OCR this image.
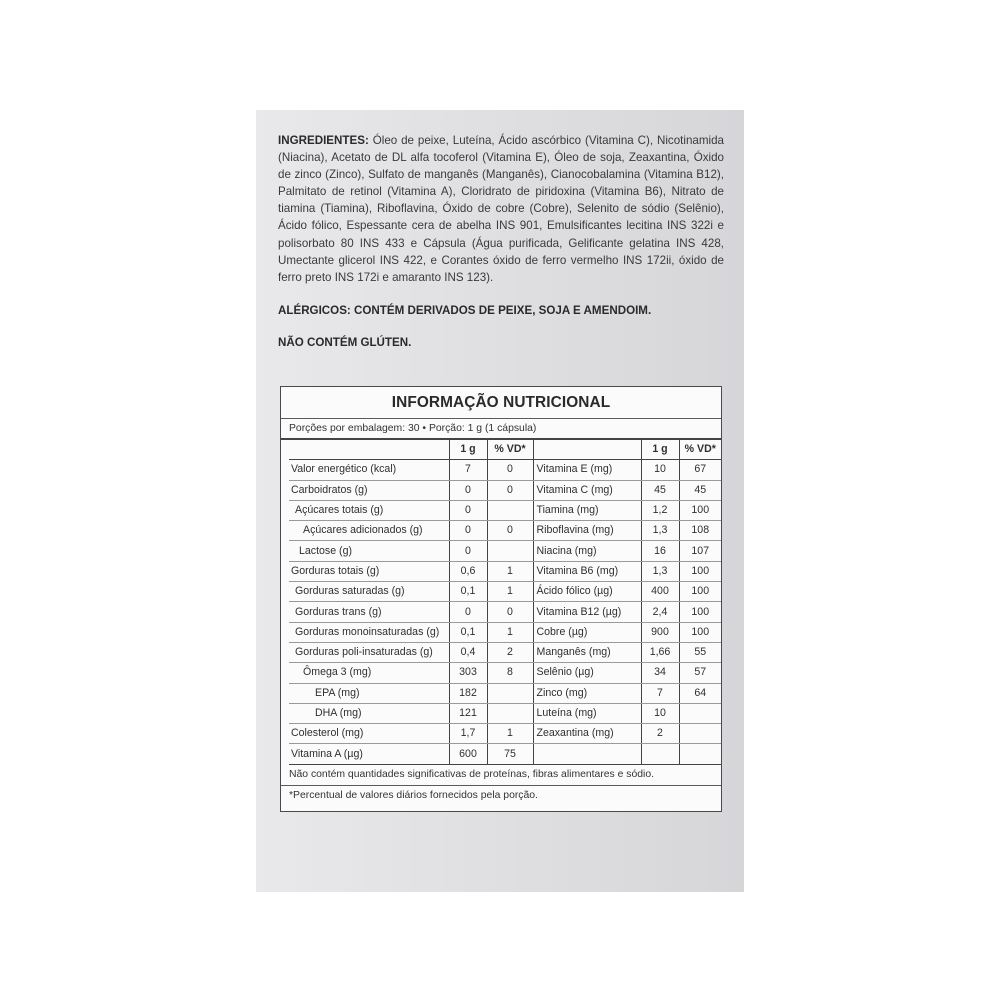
INGREDIENTES: Óleo de peixe, Luteína, Ácido ascórbico (Vitamina C), Nicotinamida (Niacina), Acetato de DL alfa tocoferol (Vitamina E), Óleo de soja, Zeaxantina, Óxido de zinco (Zinco), Sulfato de manganês (Manganês), Cianocobalamina (Vitamina B12), Palmitato de retinol (Vitamina A), Cloridrato de piridoxina (Vitamina B6), Nitrato de tiamina (Tiamina), Riboflavina, Óxido de cobre (Cobre), Selenito de sódio (Selênio), Ácido fólico, Espessante cera de abelha INS 901, Emulsificantes lecitina INS 322i e polisorbato 80 INS 433 e Cápsula (Água purificada, Gelificante gelatina INS 428, Umectante glicerol INS 422, e Corantes óxido de ferro vermelho INS 172ii, óxido de ferro preto INS 172i e amaranto INS 123).

ALÉRGICOS: CONTÉM DERIVADOS DE PEIXE, SOJA E AMENDOIM.

NÃO CONTÉM GLÚTEN.

INFORMAÇÃO NUTRICIONAL
Porções por embalagem: 30 • Porção: 1 g (1 cápsula)
	1 g	% VD*		1 g	% VD*
Valor energético (kcal)	7	0	Vitamina E (mg)	10	67
Carboidratos (g)	0	0	Vitamina C (mg)	45	45
Açúcares totais (g)	0		Tiamina (mg)	1,2	100
Açúcares adicionados (g)	0	0	Riboflavina (mg)	1,3	108
Lactose (g)	0		Niacina (mg)	16	107
Gorduras totais (g)	0,6	1	Vitamina B6 (mg)	1,3	100
Gorduras saturadas (g)	0,1	1	Ácido fólico (µg)	400	100
Gorduras trans (g)	0	0	Vitamina B12 (µg)	2,4	100
Gorduras monoinsaturadas (g)	0,1	1	Cobre (µg)	900	100
Gorduras poli-insaturadas (g)	0,4	2	Manganês (mg)	1,66	55
Ômega 3 (mg)	303	8	Selênio (µg)	34	57
EPA (mg)	182		Zinco (mg)	7	64
DHA (mg)	121		Luteína (mg)	10	
Colesterol (mg)	1,7	1	Zeaxantina (mg)	2	
Vitamina A (µg)	600	75			
Não contém quantidades significativas de proteínas, fibras alimentares e sódio.
*Percentual de valores diários fornecidos pela porção.
